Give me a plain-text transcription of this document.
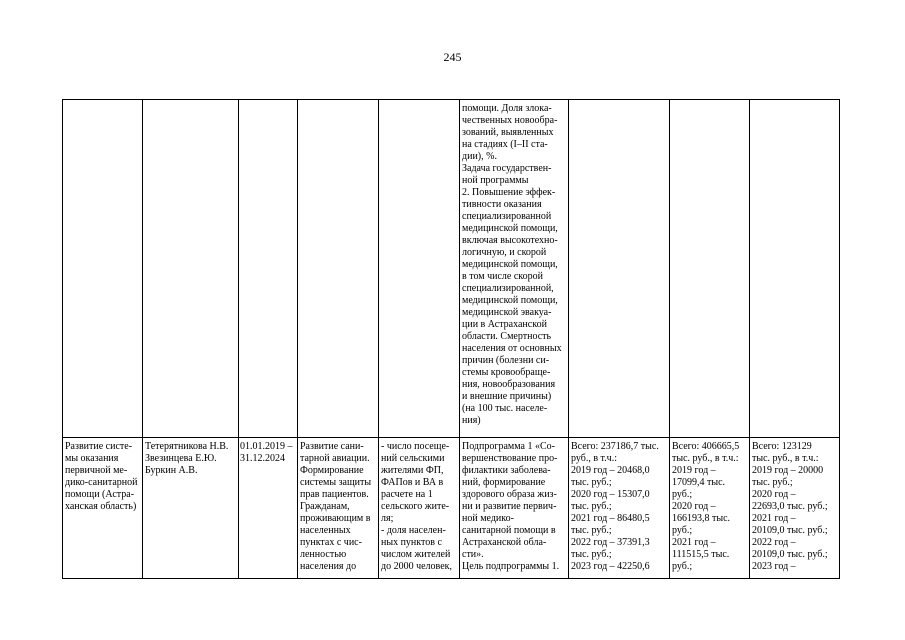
245
помощи. Доля злока-
чественных новообра-
зований, выявленных
на стадиях (I–II ста-
дии), %.
Задача государствен-
ной программы
2. Повышение эффек-
тивности оказания
специализированной
медицинской помощи,
включая высокотехно-
логичную, и скорой
медицинской помощи,
в том числе скорой
специализированной,
медицинской помощи,
медицинской эвакуа-
ции в Астраханской
области. Смертность
населения от основных
причин (болезни си-
стемы кровообраще-
ния, новообразования
и внешние причины)
(на 100 тыс. населе-
ния)
Развитие систе-
мы оказания
первичной ме-
дико-санитарной
помощи (Астра-
ханская область)
Тетерятникова Н.В.
Звезинцева Е.Ю.
Буркин А.В.
01.01.2019 –
31.12.2024
Развитие сани-
тарной авиации.
Формирование
системы защиты
прав пациентов.
Гражданам,
проживающим в
населенных
пунктах с чис-
ленностью
населения до
- число посеще-
ний сельскими
жителями ФП,
ФАПов и ВА в
расчете на 1
сельского жите-
ля;
- доля населен-
ных пунктов с
числом жителей
до 2000 человек,
Подпрограмма 1 «Со-
вершенствование про-
филактики заболева-
ний, формирование
здорового образа жиз-
ни и развитие первич-
ной медико-
санитарной помощи в
Астраханской обла-
сти».
Цель подпрограммы 1.
Всего: 237186,7 тыс.
руб., в т.ч.:
2019 год – 20468,0
тыс. руб.;
2020 год – 15307,0
тыс. руб.;
2021 год – 86480,5
тыс. руб.;
2022 год – 37391,3
тыс. руб.;
2023 год – 42250,6
Всего: 406665,5
тыс. руб., в т.ч.:
2019 год –
17099,4 тыс.
руб.;
2020 год –
166193,8 тыс.
руб.;
2021 год –
111515,5 тыс.
руб.;
Всего: 123129
тыс. руб., в т.ч.:
2019 год – 20000
тыс. руб.;
2020 год –
22693,0 тыс. руб.;
2021 год –
20109,0 тыс. руб.;
2022 год –
20109,0 тыс. руб.;
2023 год –
